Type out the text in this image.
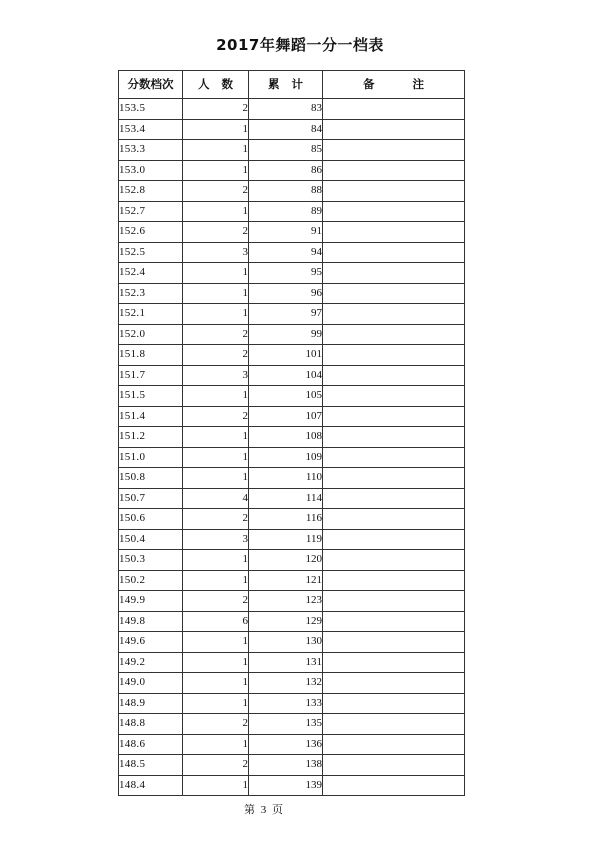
2017年舞蹈一分一档表
分数档次	人 数	累 计	备 注
153.5	2	83	
153.4	1	84	
153.3	1	85	
153.0	1	86	
152.8	2	88	
152.7	1	89	
152.6	2	91	
152.5	3	94	
152.4	1	95	
152.3	1	96	
152.1	1	97	
152.0	2	99	
151.8	2	101	
151.7	3	104	
151.5	1	105	
151.4	2	107	
151.2	1	108	
151.0	1	109	
150.8	1	110	
150.7	4	114	
150.6	2	116	
150.4	3	119	
150.3	1	120	
150.2	1	121	
149.9	2	123	
149.8	6	129	
149.6	1	130	
149.2	1	131	
149.0	1	132	
148.9	1	133	
148.8	2	135	
148.6	1	136	
148.5	2	138	
148.4	1	139	
第 3 页
